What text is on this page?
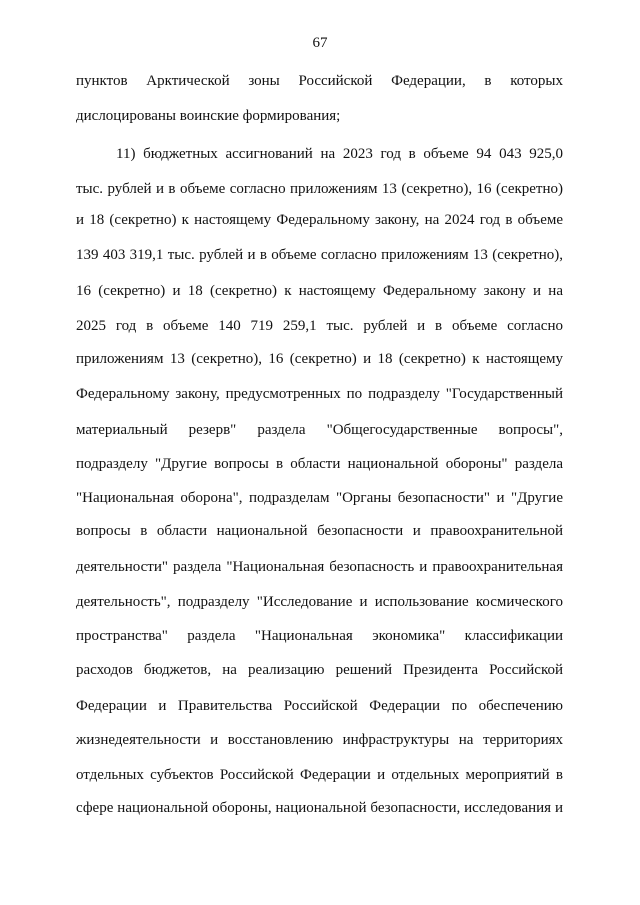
67
пунктов Арктической зоны Российской Федерации, в которых
дислоцированы воинские формирования;
11) бюджетных ассигнований на 2023 год в объеме 94 043 925,0
тыс. рублей и в объеме согласно приложениям 13 (секретно), 16 (секретно)
и 18 (секретно) к настоящему Федеральному закону, на 2024 год в объеме
139 403 319,1 тыс. рублей и в объеме согласно приложениям 13 (секретно),
16 (секретно) и 18 (секретно) к настоящему Федеральному закону и на
2025 год в объеме 140 719 259,1 тыс. рублей и в объеме согласно
приложениям 13 (секретно), 16 (секретно) и 18 (секретно) к настоящему
Федеральному закону, предусмотренных по подразделу "Государственный
материальный резерв" раздела "Общегосударственные вопросы",
подразделу "Другие вопросы в области национальной обороны" раздела
"Национальная оборона", подразделам "Органы безопасности" и "Другие
вопросы в области национальной безопасности и правоохранительной
деятельности" раздела "Национальная безопасность и правоохранительная
деятельность", подразделу "Исследование и использование космического
пространства" раздела "Национальная экономика" классификации
расходов бюджетов, на реализацию решений Президента Российской
Федерации и Правительства Российской Федерации по обеспечению
жизнедеятельности и восстановлению инфраструктуры на территориях
отдельных субъектов Российской Федерации и отдельных мероприятий в
сфере национальной обороны, национальной безопасности, исследования и
